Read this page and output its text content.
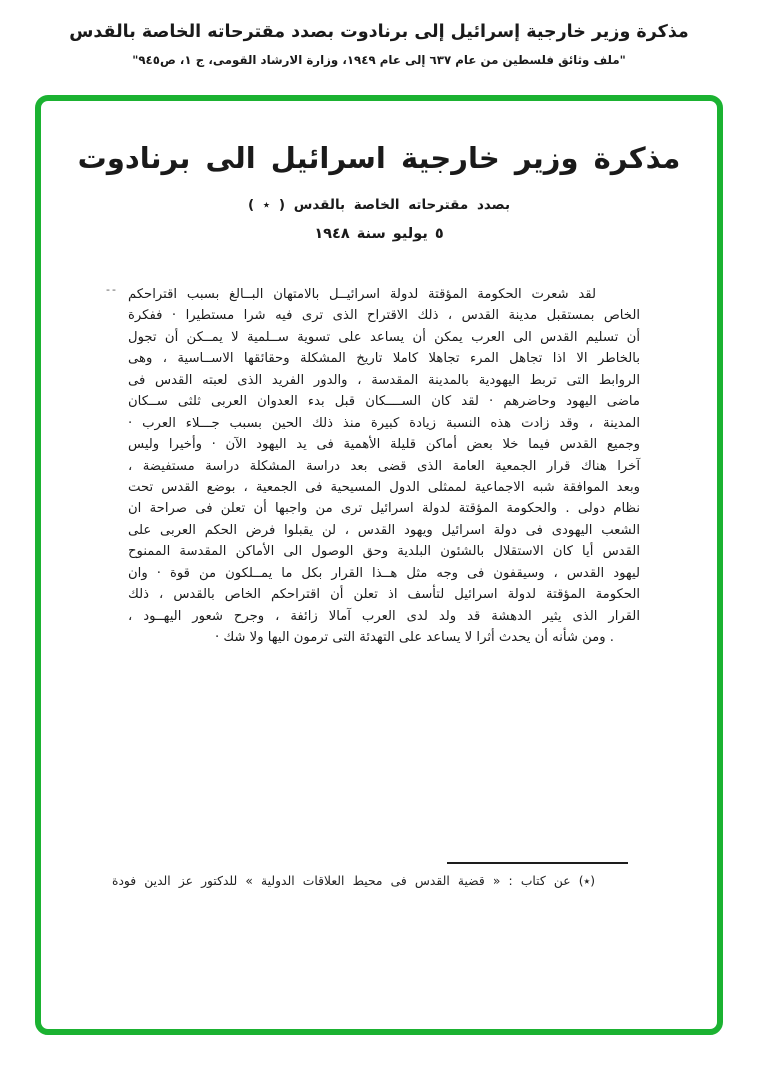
مذكرة وزير خارجية إسرائيل إلى برنادوت بصدد مقترحاته الخاصة بالقدس
"ملف وثائق فلسطين من عام ٦٣٧ إلى عام ١٩٤٩، وزارة الارشاد القومى، ج ١، ص٩٤٥"
مذكرة وزير خارجية اسرائيل الى برنادوت
بصدد مقترحاته الخاصة بالقدس ( ٭ )
٥ يوليو سنة ١٩٤٨
-- لقد شعرت الحكومة المؤقتة لدولة اسرائيــل بالامتهان البــالغ بسبب اقتراحكم
الخاص بمستقبل مدينة القدس ، ذلك الاقتراح الذى ترى فيه شرا مستطيرا · ففكرة
أن تسليم القدس الى العرب يمكن أن يساعد على تسوية ســلمية لا يمــكن أن تجول
بالخاطر الا اذا تجاهل المرء تجاهلا كاملا تاريخ المشكلة وحقائقها الاســاسية ، وهى
الروابط التى تربط اليهودية بالمدينة المقدسة ، والدور الفريد الذى لعبته القدس فى
ماضى اليهود وحاضرهم · لقد كان الســــكان قبل بدء العدوان العربى ثلثى ســكان
المدينة ، وقد زادت هذه النسبة زيادة كبيرة منذ ذلك الحين بسبب جـــلاء العرب ·
وجميع القدس فيما خلا بعض أماكن قليلة الأهمية فى يد اليهود الآن · وأخيرا وليس
آخرا هناك قرار الجمعية العامة الذى قضى بعد دراسة المشكلة دراسة مستفيضة ،
وبعد الموافقة شبه الاجماعية لممثلى الدول المسيحية فى الجمعية ، بوضع القدس تحت
نظام دولى . والحكومة المؤقتة لدولة اسرائيل ترى من واجبها أن تعلن فى صراحة ان
الشعب اليهودى فى دولة اسرائيل ويهود القدس ، لن يقبلوا فرض الحكم العربى على
القدس أيا كان الاستقلال بالشئون البلدية وحق الوصول الى الأماكن المقدسة الممنوح
ليهود القدس ، وسيقفون فى وجه مثل هــذا القرار بكل ما يمــلكون من قوة · وان
الحكومة المؤقتة لدولة اسرائيل لتأسف اذ تعلن أن اقتراحكم الخاص بالقدس ، ذلك
القرار الذى يثير الدهشة قد ولد لدى العرب آمالا زائفة ، وجرح شعور اليهــود ،
. ومن شأنه أن يحدث أثرا لا يساعد على التهدئة التى ترمون اليها ولا شك ·
(٭) عن كتاب : « قضية القدس فى محيط العلاقات الدولية » للدكتور عز الدين فودة
